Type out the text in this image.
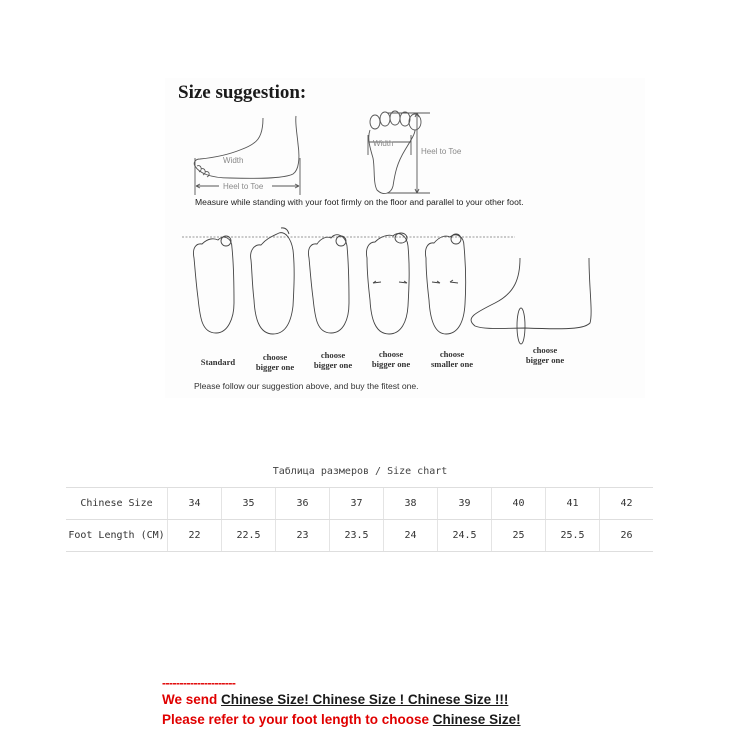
Size suggestion:
Width
Heel to Toe
Width
Heel to Toe
Measure while standing with your foot firmly on the floor and parallel to your other foot.
Standard	choose
bigger one
choose
bigger one
choose
bigger one
choose
smaller one
choose
bigger one
Please follow our suggestion above, and buy the fitest one.
Таблица размеров / Size chart
Chinese Size	34	35	36	37	38	39	40	41	42
Foot Length (CM)	22	22.5	23	23.5	24	24.5	25	25.5	26
---------------------
We send Chinese Size! Chinese Size ! Chinese Size !!!
Please refer to your foot length to choose Chinese Size!
